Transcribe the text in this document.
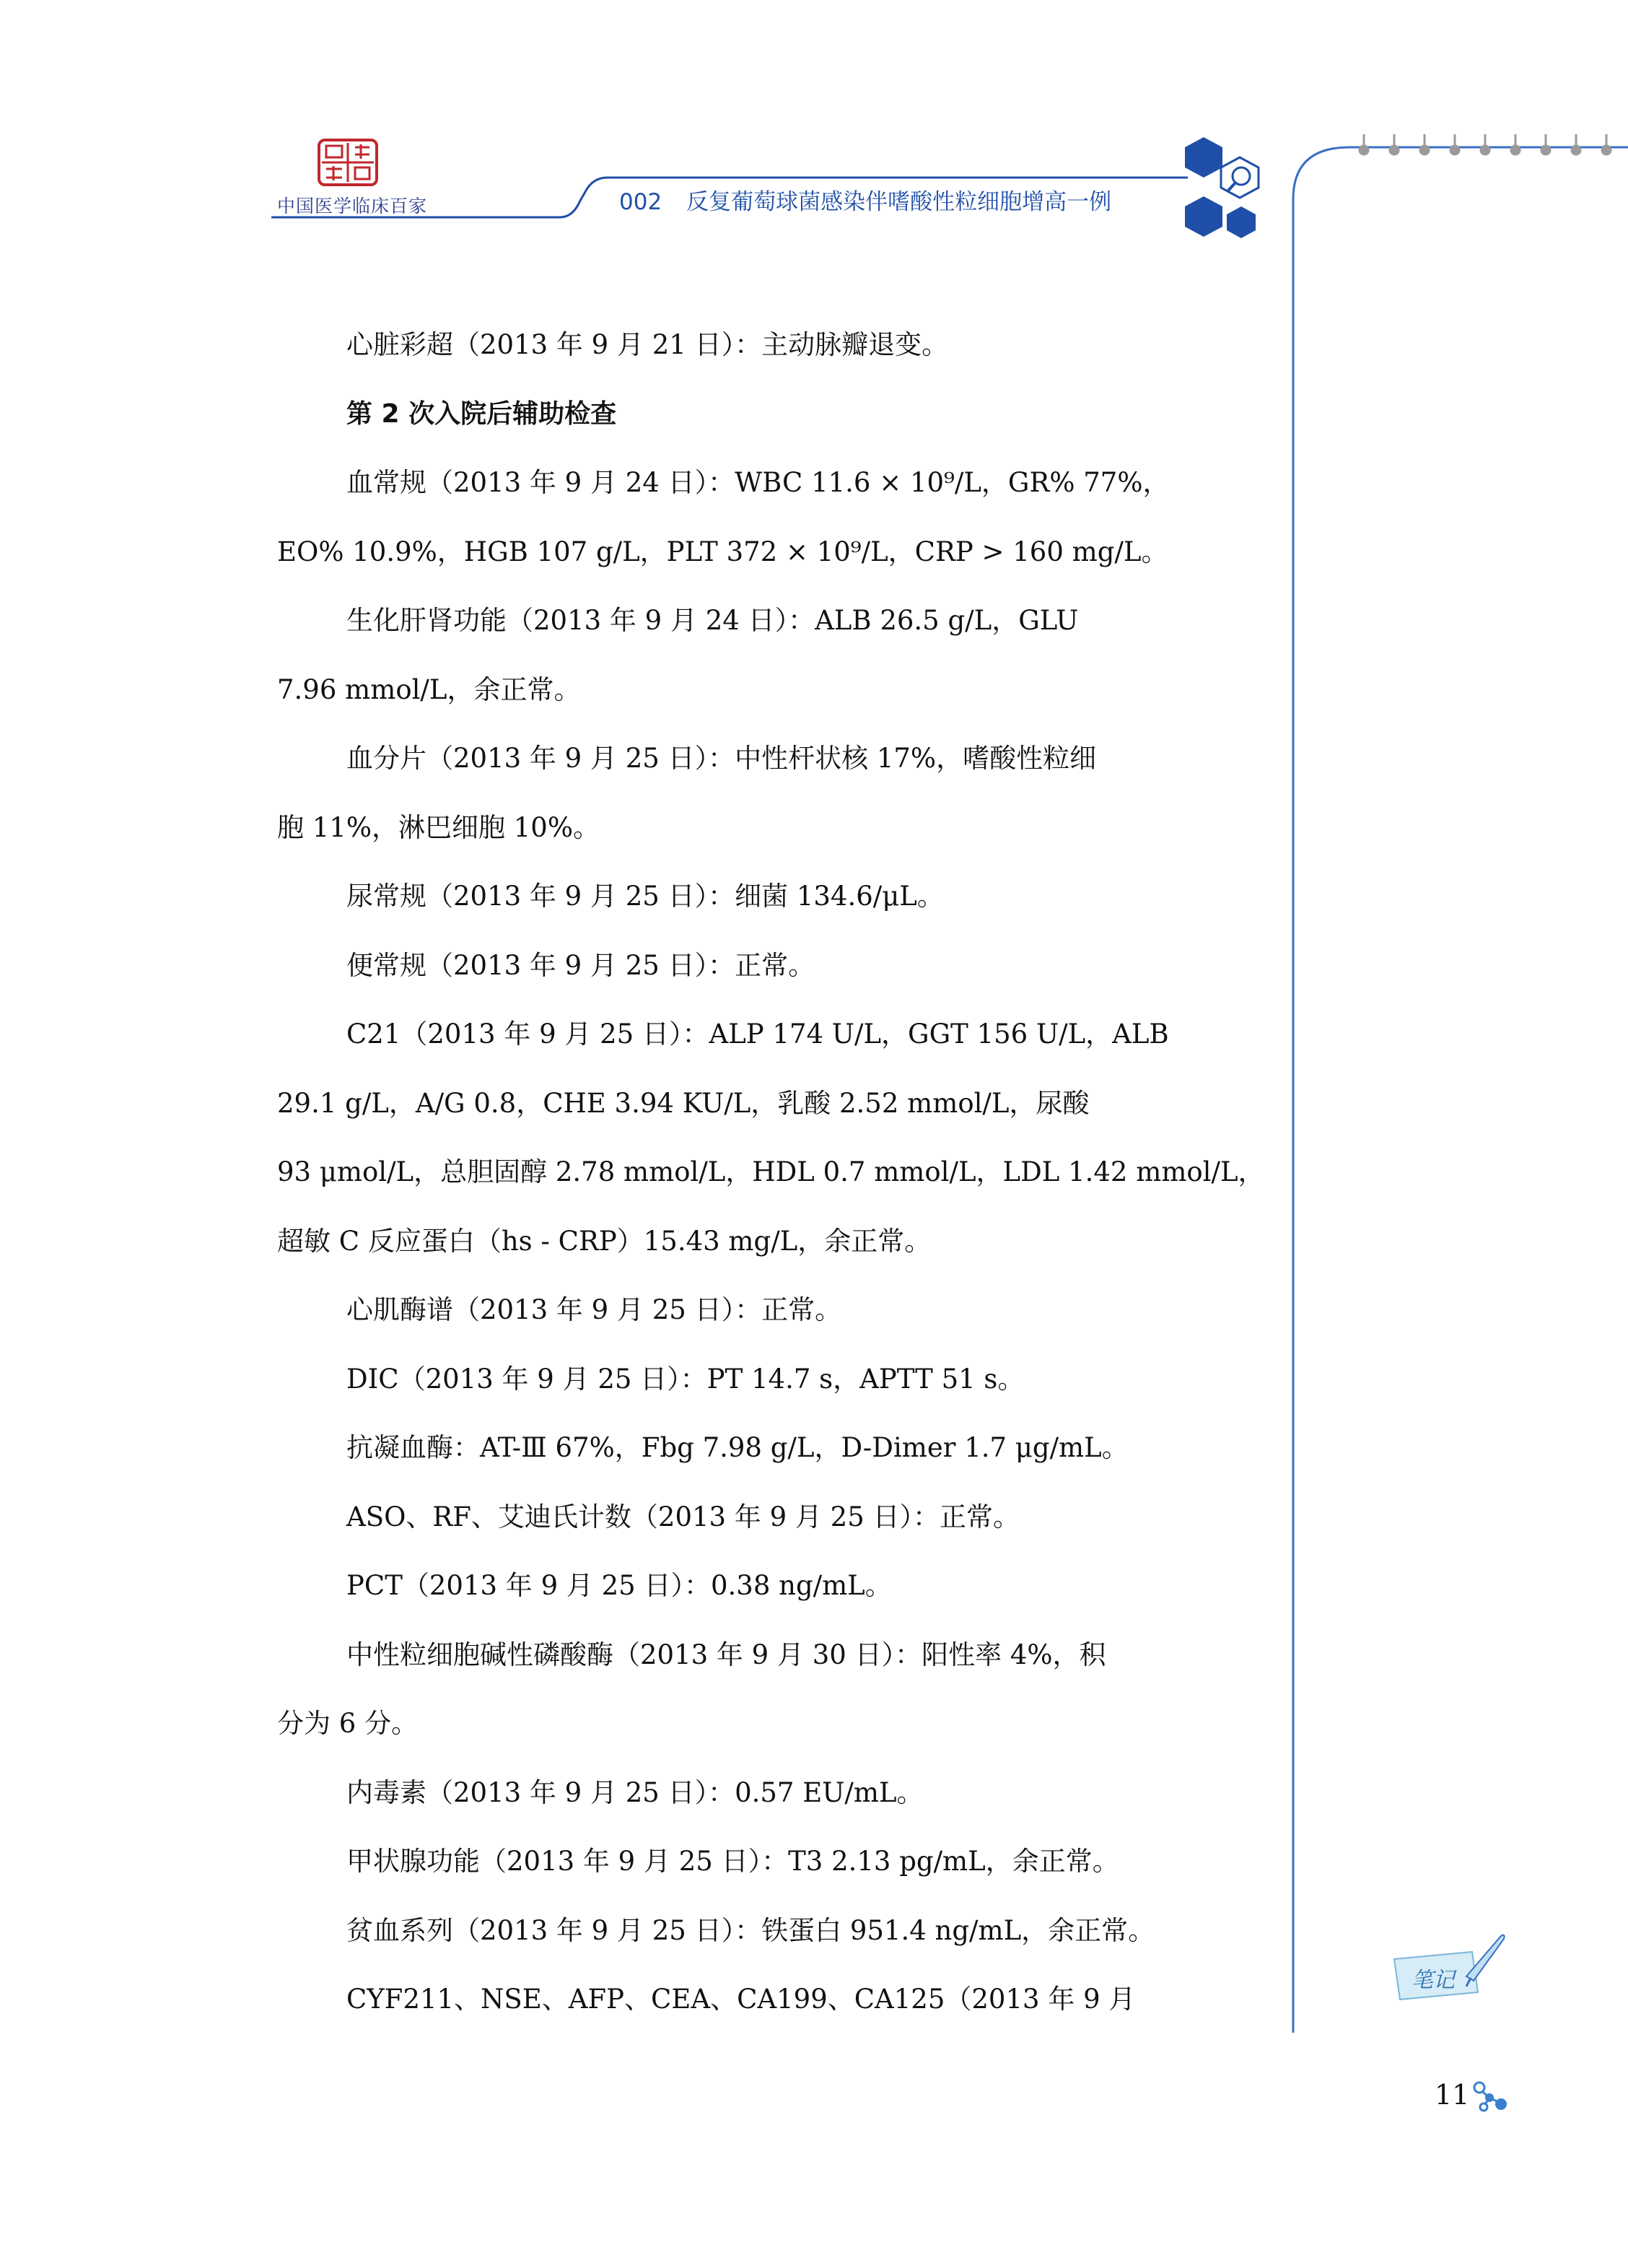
中国医学临床百家	002 反复葡萄球菌感染伴嗜酸性粒细胞增高一例
笔记
11

心脏彩超（2013 年 9 月 21 日）：主动脉瓣退变。

第 2 次入院后辅助检查

血常规（2013 年 9 月 24 日）：WBC 11.6 × 10⁹/L，GR% 77%，

EO% 10.9%，HGB 107 g/L，PLT 372 × 10⁹/L，CRP > 160 mg/L。

生化肝肾功能（2013 年 9 月 24 日）：ALB 26.5 g/L，GLU

7.96 mmol/L，余正常。

血分片（2013 年 9 月 25 日）：中性杆状核 17%，嗜酸性粒细

胞 11%，淋巴细胞 10%。

尿常规（2013 年 9 月 25 日）：细菌 134.6/μL。

便常规（2013 年 9 月 25 日）：正常。

C21（2013 年 9 月 25 日）：ALP 174 U/L，GGT 156 U/L，ALB

29.1 g/L，A/G 0.8，CHE 3.94 KU/L，乳酸 2.52 mmol/L，尿酸

93 μmol/L，总胆固醇 2.78 mmol/L，HDL 0.7 mmol/L，LDL 1.42 mmol/L，

超敏 C 反应蛋白（hs - CRP）15.43 mg/L，余正常。

心肌酶谱（2013 年 9 月 25 日）：正常。

DIC（2013 年 9 月 25 日）：PT 14.7 s，APTT 51 s。

抗凝血酶：AT-Ⅲ 67%，Fbg 7.98 g/L，D-Dimer 1.7 μg/mL。

ASO、RF、艾迪氏计数（2013 年 9 月 25 日）：正常。

PCT（2013 年 9 月 25 日）：0.38 ng/mL。

中性粒细胞碱性磷酸酶（2013 年 9 月 30 日）：阳性率 4%，积

分为 6 分。

内毒素（2013 年 9 月 25 日）：0.57 EU/mL。

甲状腺功能（2013 年 9 月 25 日）：T3 2.13 pg/mL，余正常。

贫血系列（2013 年 9 月 25 日）：铁蛋白 951.4 ng/mL，余正常。

CYF211、NSE、AFP、CEA、CA199、CA125（2013 年 9 月
